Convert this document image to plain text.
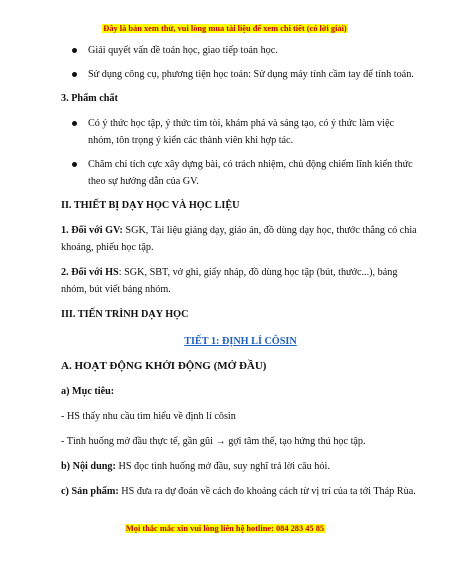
Đây là bản xem thử, vui lòng mua tài liệu để xem chi tiết (có lời giải)
Giải quyết vấn đề toán học, giao tiếp toán học.
Sử dụng công cụ, phương tiện học toán: Sử dụng máy tính cầm tay để tính toán.

3. Phẩm chất

Có ý thức học tập, ý thức tìm tòi, khám phá và sáng tạo, có ý thức làm việc nhóm, tôn trọng ý kiến các thành viên khi hợp tác.
Chăm chỉ tích cực xây dựng bài, có trách nhiệm, chủ động chiếm lĩnh kiến thức theo sự hướng dẫn của GV.

II. THIẾT BỊ DẠY HỌC VÀ HỌC LIỆU

1. Đối với GV: SGK, Tài liệu giảng dạy, giáo án, đồ dùng dạy học, thước thẳng có chia khoảng, phiếu học tập.

2. Đối với HS: SGK, SBT, vở ghi, giấy nháp, đồ dùng học tập (bút, thước...), bảng nhóm, bút viết bảng nhóm.

III. TIẾN TRÌNH DẠY HỌC

TIẾT 1: ĐỊNH LÍ CÔSIN

A. HOẠT ĐỘNG KHỞI ĐỘNG (MỞ ĐẦU)

a) Mục tiêu:

- HS thấy nhu cầu tìm hiểu về định lí côsin

- Tình huống mở đầu thực tế, gần gũi → gợi tâm thế, tạo hứng thú học tập.

b) Nội dung: HS đọc tình huống mở đầu, suy nghĩ trả lời câu hỏi.

c) Sản phẩm: HS đưa ra dự đoán về cách đo khoảng cách từ vị trí của ta tới Tháp Rùa.

Mọi thắc mắc xin vui lòng liên hệ hotline: 084 283 45 85
